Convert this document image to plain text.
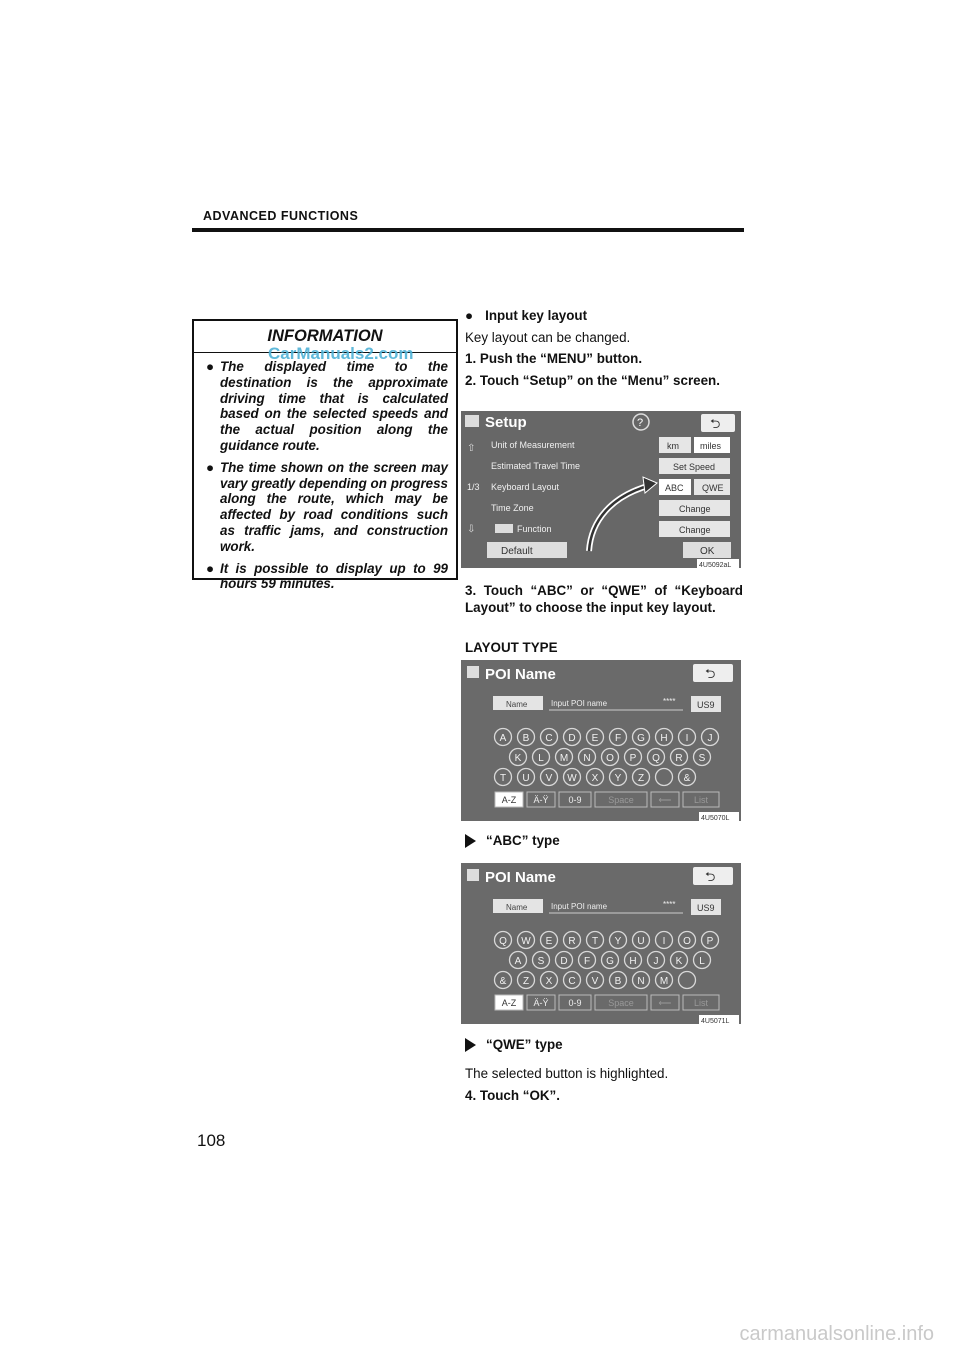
ADVANCED FUNCTIONS
INFORMATION
● The displayed time to the destination is the approximate driving time that is calculated based on the selected speeds and the actual position along the guidance route.
● The time shown on the screen may vary greatly depending on progress along the route, which may be affected by road conditions such as traffic jams, and construction work.
● It is possible to display up to 99 hours 59 minutes.
CarManuals2.com
● Input key layout
Key layout can be changed.
1. Push the “MENU” button.
2. Touch “Setup” on the “Menu” screen.
Setup	?	⮌
Unit of Measurement	km miles
Estimated Travel Time	Set Speed
1/3 Keyboard Layout	ABC QWE
Time Zone	Change
Function	Change
⇧
⇩
Default	OK
4U5092aL
3. Touch “ABC” or “QWE” of “Keyboard Layout” to choose the input key layout.
LAYOUT TYPE
POI Name	⮌
Name	Input POI name	**** US9
A B C D E F G H I J
K L M N O P Q R S
T U V W X Y Z	&
A-Z Ä-Ÿ 0-9	Space	⟵	List
4U5070L
“ABC” type
POI Name	⮌
Name	Input POI name	**** US9
Q W E R T Y U I O P
A S D F G H J K L
& Z X C V B N M
A-Z Ä-Ÿ 0-9	Space	⟵	List
4U5071L
“QWE” type
The selected button is highlighted.
4. Touch “OK”.
108
carmanualsonline.info
